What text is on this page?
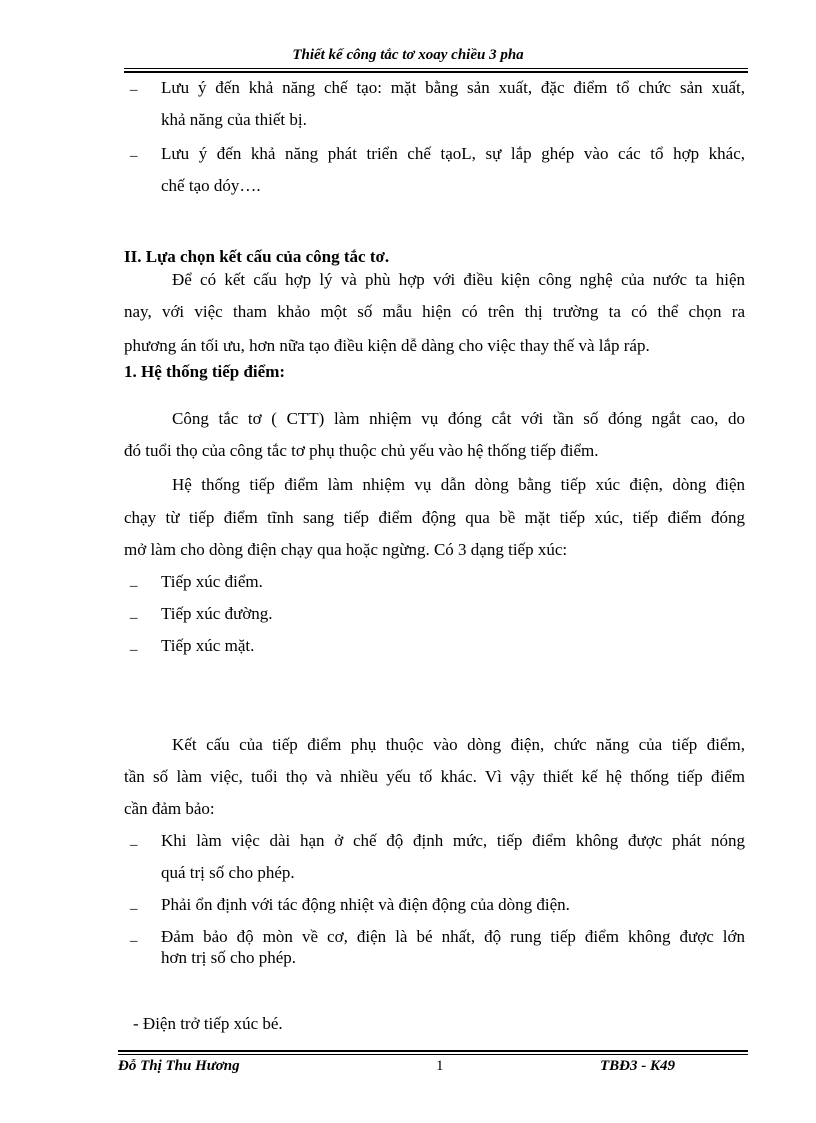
Thiết kế công tắc tơ xoay chiều 3 pha
– Lưu ý đến khả năng chế tạo: mặt bằng sản xuất, đặc điểm tổ chức sản xuất,
khả năng của thiết bị.
– Lưu ý đến khả năng phát triển chế tạoL, sự lắp ghép vào các tổ hợp khác,
chế tạo dóy….
II. Lựa chọn kết cấu của công tắc tơ.
Để có kết cấu hợp lý và phù hợp với điều kiện công nghệ của nước ta hiện
nay, với việc tham khảo một số mẫu hiện có trên thị trường ta có thể chọn ra
phương án tối ưu, hơn nữa tạo điều kiện dễ dàng cho việc thay thế và lắp ráp.
1. Hệ thống tiếp điểm:
Công tắc tơ ( CTT) làm nhiệm vụ đóng cắt với tần số đóng ngắt cao, do
đó tuổi thọ của công tắc tơ phụ thuộc chủ yếu vào hệ thống tiếp điểm.
Hệ thống tiếp điểm làm nhiệm vụ dẫn dòng bằng tiếp xúc điện, dòng điện
chạy từ tiếp điểm tĩnh sang tiếp điểm động qua bề mặt tiếp xúc, tiếp điểm đóng
mở làm cho dòng điện chạy qua hoặc ngừng. Có 3 dạng tiếp xúc:
– Tiếp xúc điểm.
– Tiếp xúc đường.
– Tiếp xúc mặt.
Kết cấu của tiếp điểm phụ thuộc vào dòng điện, chức năng của tiếp điểm,
tần số làm việc, tuổi thọ và nhiều yếu tố khác. Vì vậy thiết kế hệ thống tiếp điểm
cần đảm bảo:
– Khi làm việc dài hạn ở chế độ định mức, tiếp điểm không được phát nóng
quá trị số cho phép.
– Phải ổn định với tác động nhiệt và điện động của dòng điện.
– Đảm bảo độ mòn về cơ, điện là bé nhất, độ rung tiếp điểm không được lớn
hơn trị số cho phép.
- Điện trở tiếp xúc bé.
Đỗ Thị Thu Hương	1	TBĐ3 - K49
